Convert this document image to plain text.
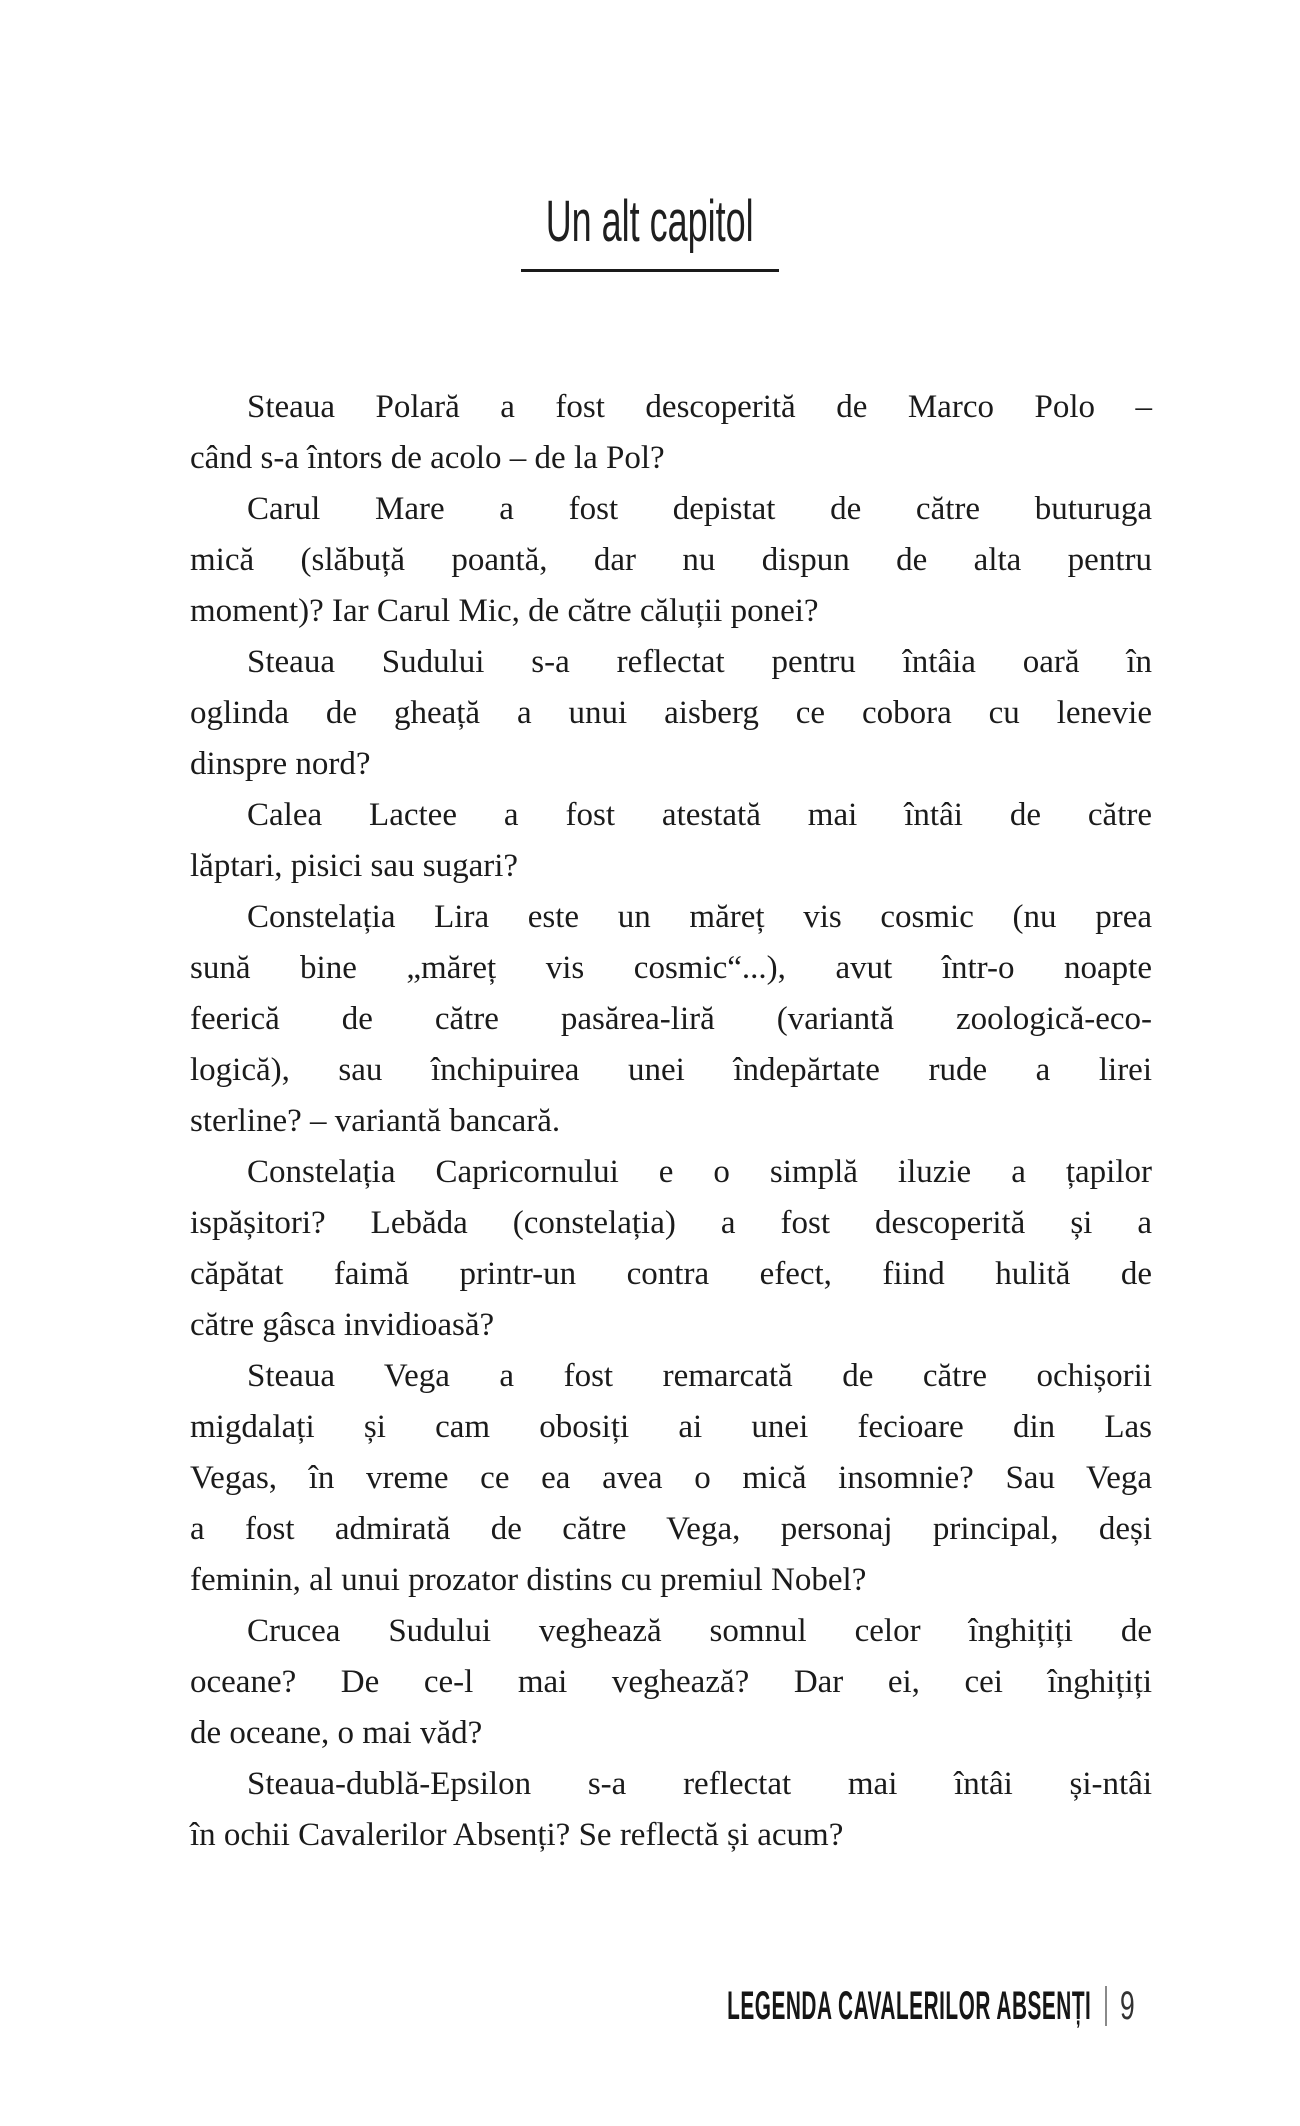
Un alt capitol

Steaua Polară a fost descoperită de Marco Polo –
când s-a întors de acolo – de la Pol?

Carul Mare a fost depistat de către buturuga
mică (slăbuță poantă, dar nu dispun de alta pentru
moment)? Iar Carul Mic, de către căluții ponei?

Steaua Sudului s-a reflectat pentru întâia oară în
oglinda de gheață a unui aisberg ce cobora cu lenevie
dinspre nord?

Calea Lactee a fost atestată mai întâi de către
lăptari, pisici sau sugari?

Constelația Lira este un măreț vis cosmic (nu prea
sună bine „măreț vis cosmic“...), avut într-o noapte
feerică de către pasărea-liră (variantă zoologică-eco-
logică), sau închipuirea unei îndepărtate rude a lirei
sterline? – variantă bancară.

Constelația Capricornului e o simplă iluzie a țapilor
ispășitori? Lebăda (constelația) a fost descoperită și a
căpătat faimă printr-un contra efect, fiind hulită de
către gâsca invidioasă?

Steaua Vega a fost remarcată de către ochișorii
migdalați și cam obosiți ai unei fecioare din Las
Vegas, în vreme ce ea avea o mică insomnie? Sau Vega
a fost admirată de către Vega, personaj principal, deși
feminin, al unui prozator distins cu premiul Nobel?

Crucea Sudului veghează somnul celor înghițiți de
oceane? De ce-l mai veghează? Dar ei, cei înghițiți
de oceane, o mai văd?

Steaua-dublă-Epsilon s-a reflectat mai întâi și-ntâi
în ochii Cavalerilor Absenți? Se reflectă și acum?

LEGENDA CAVALERILOR ABSENȚI 9
